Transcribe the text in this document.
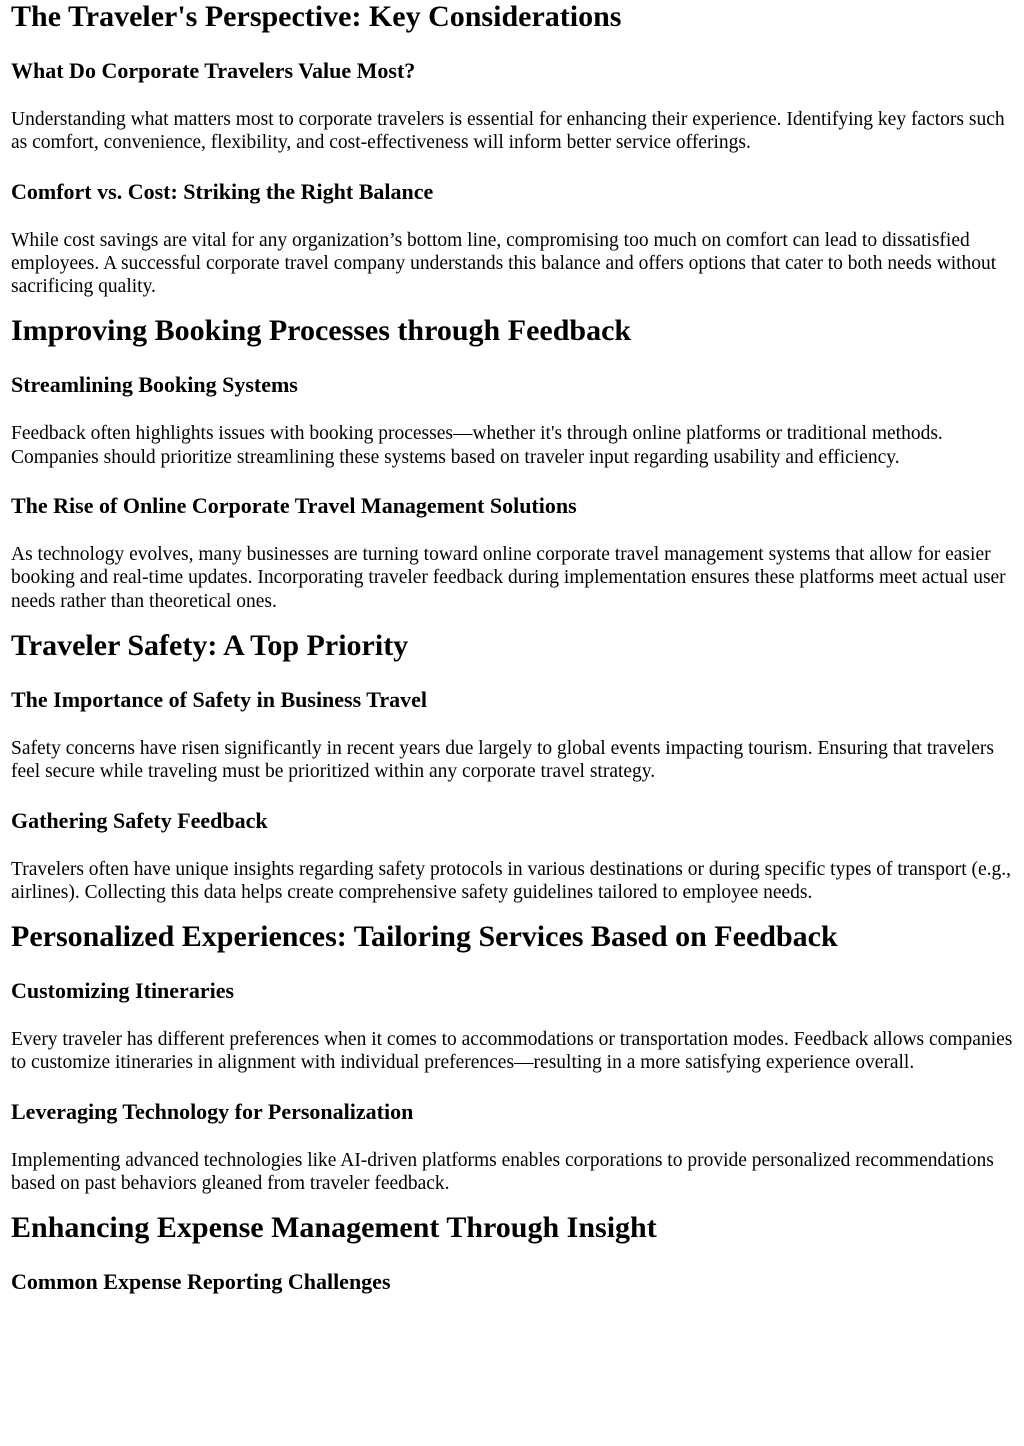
The Traveler's Perspective: Key Considerations
What Do Corporate Travelers Value Most?

Understanding what matters most to corporate travelers is essential for enhancing their experience. Identifying key factors such as comfort, convenience, flexibility, and cost-effectiveness will inform better service offerings.

Comfort vs. Cost: Striking the Right Balance

While cost savings are vital for any organization’s bottom line, compromising too much on comfort can lead to dissatisfied employees. A successful corporate travel company understands this balance and offers options that cater to both needs without sacrificing quality.

Improving Booking Processes through Feedback
Streamlining Booking Systems

Feedback often highlights issues with booking processes—whether it's through online platforms or traditional methods. Companies should prioritize streamlining these systems based on traveler input regarding usability and efficiency.

The Rise of Online Corporate Travel Management Solutions

As technology evolves, many businesses are turning toward online corporate travel management systems that allow for easier booking and real-time updates. Incorporating traveler feedback during implementation ensures these platforms meet actual user needs rather than theoretical ones.

Traveler Safety: A Top Priority
The Importance of Safety in Business Travel

Safety concerns have risen significantly in recent years due largely to global events impacting tourism. Ensuring that travelers feel secure while traveling must be prioritized within any corporate travel strategy.

Gathering Safety Feedback

Travelers often have unique insights regarding safety protocols in various destinations or during specific types of transport (e.g., airlines). Collecting this data helps create comprehensive safety guidelines tailored to employee needs.

Personalized Experiences: Tailoring Services Based on Feedback
Customizing Itineraries

Every traveler has different preferences when it comes to accommodations or transportation modes. Feedback allows companies to customize itineraries in alignment with individual preferences—resulting in a more satisfying experience overall.

Leveraging Technology for Personalization

Implementing advanced technologies like AI-driven platforms enables corporations to provide personalized recommendations based on past behaviors gleaned from traveler feedback.

Enhancing Expense Management Through Insight
Common Expense Reporting Challenges
